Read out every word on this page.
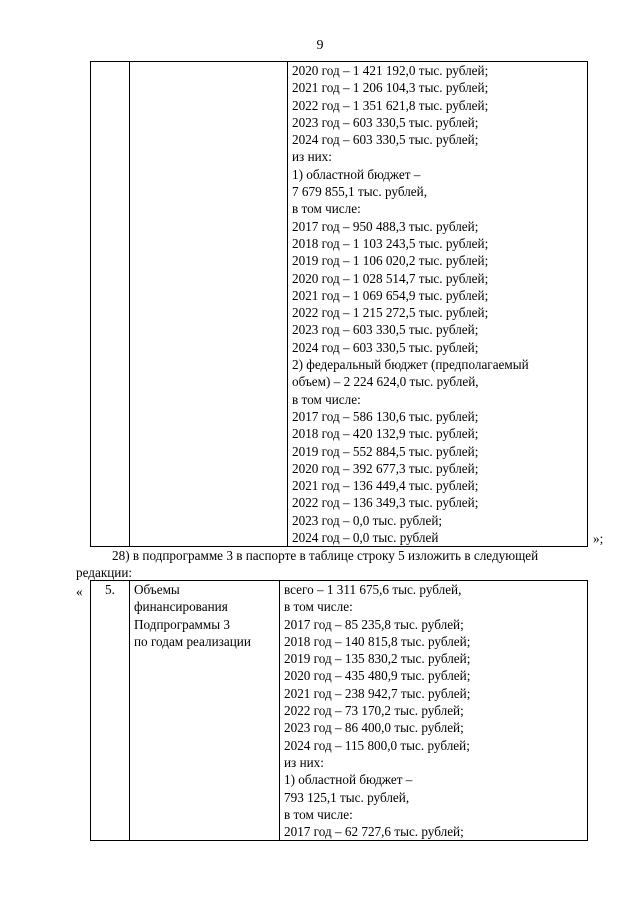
9

2020 год – 1 421 192,0 тыс. рублей;
2021 год – 1 206 104,3 тыс. рублей;
2022 год – 1 351 621,8 тыс. рублей;
2023 год – 603 330,5 тыс. рублей;
2024 год – 603 330,5 тыс. рублей;
из них:
1) областной бюджет –
7 679 855,1 тыс. рублей,
в том числе:
2017 год – 950 488,3 тыс. рублей;
2018 год – 1 103 243,5 тыс. рублей;
2019 год – 1 106 020,2 тыс. рублей;
2020 год – 1 028 514,7 тыс. рублей;
2021 год – 1 069 654,9 тыс. рублей;
2022 год – 1 215 272,5 тыс. рублей;
2023 год – 603 330,5 тыс. рублей;
2024 год – 603 330,5 тыс. рублей;
2) федеральный бюджет (предполагаемый
объем) – 2 224 624,0 тыс. рублей,
в том числе:
2017 год – 586 130,6 тыс. рублей;
2018 год – 420 132,9 тыс. рублей;
2019 год – 552 884,5 тыс. рублей;
2020 год – 392 677,3 тыс. рублей;
2021 год – 136 449,4 тыс. рублей;
2022 год – 136 349,3 тыс. рублей;
2023 год – 0,0 тыс. рублей;
2024 год – 0,0 тыс. рублей	»;
28) в подпрограмме 3 в паспорте в таблице строку 5 изложить в следующей
редакции:
« 5.	Объемы
финансирования
Подпрограммы 3
по годам реализации

всего – 1 311 675,6 тыс. рублей,
в том числе:
2017 год – 85 235,8 тыс. рублей;
2018 год – 140 815,8 тыс. рублей;
2019 год – 135 830,2 тыс. рублей;
2020 год – 435 480,9 тыс. рублей;
2021 год – 238 942,7 тыс. рублей;
2022 год – 73 170,2 тыс. рублей;
2023 год – 86 400,0 тыс. рублей;
2024 год – 115 800,0 тыс. рублей;
из них:
1) областной бюджет –
793 125,1 тыс. рублей,
в том числе:
2017 год – 62 727,6 тыс. рублей;
